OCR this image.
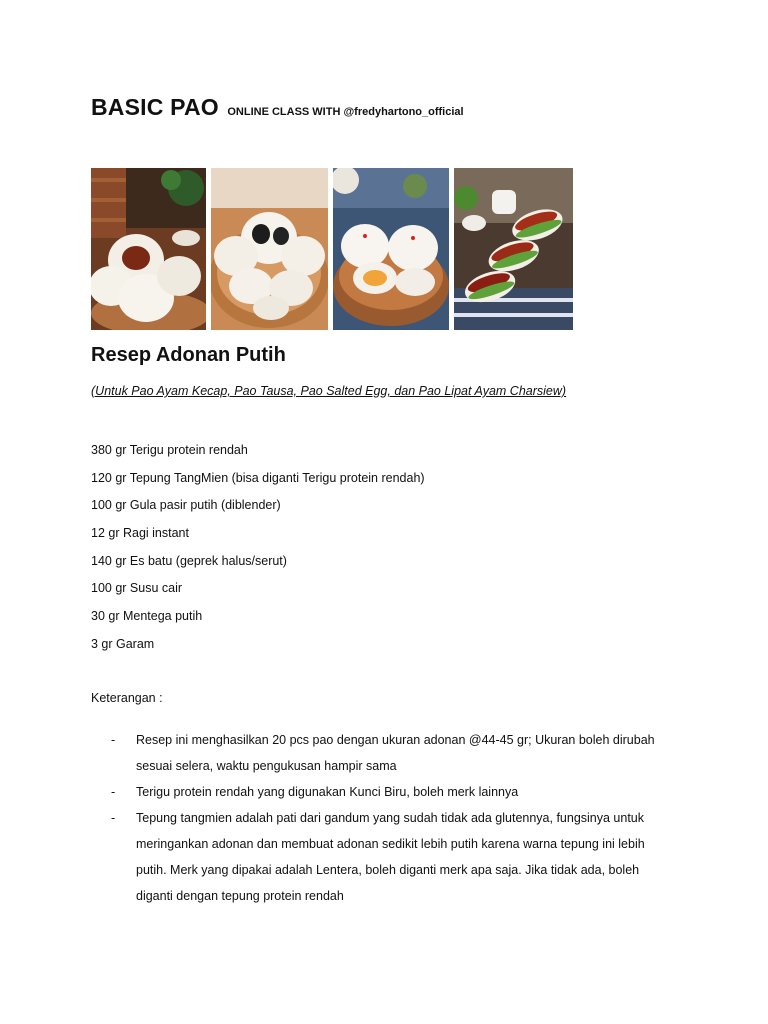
BASIC PAO ONLINE CLASS WITH @fredyhartono_official
Resep Adonan Putih
(Untuk Pao Ayam Kecap, Pao Tausa, Pao Salted Egg, dan Pao Lipat Ayam Charsiew)
380 gr Terigu protein rendah
120 gr Tepung TangMien (bisa diganti Terigu protein rendah)
100 gr Gula pasir putih (diblender)
12 gr Ragi instant
140 gr Es batu (geprek halus/serut)
100 gr Susu cair
30 gr Mentega putih
3 gr Garam
Keterangan :
- Resep ini menghasilkan 20 pcs pao dengan ukuran adonan @44-45 gr; Ukuran boleh dirubah sesuai selera, waktu pengukusan hampir sama
- Terigu protein rendah yang digunakan Kunci Biru, boleh merk lainnya
- Tepung tangmien adalah pati dari gandum yang sudah tidak ada glutennya, fungsinya untuk meringankan adonan dan membuat adonan sedikit lebih putih karena warna tepung ini lebih putih. Merk yang dipakai adalah Lentera, boleh diganti merk apa saja. Jika tidak ada, boleh diganti dengan tepung protein rendah
